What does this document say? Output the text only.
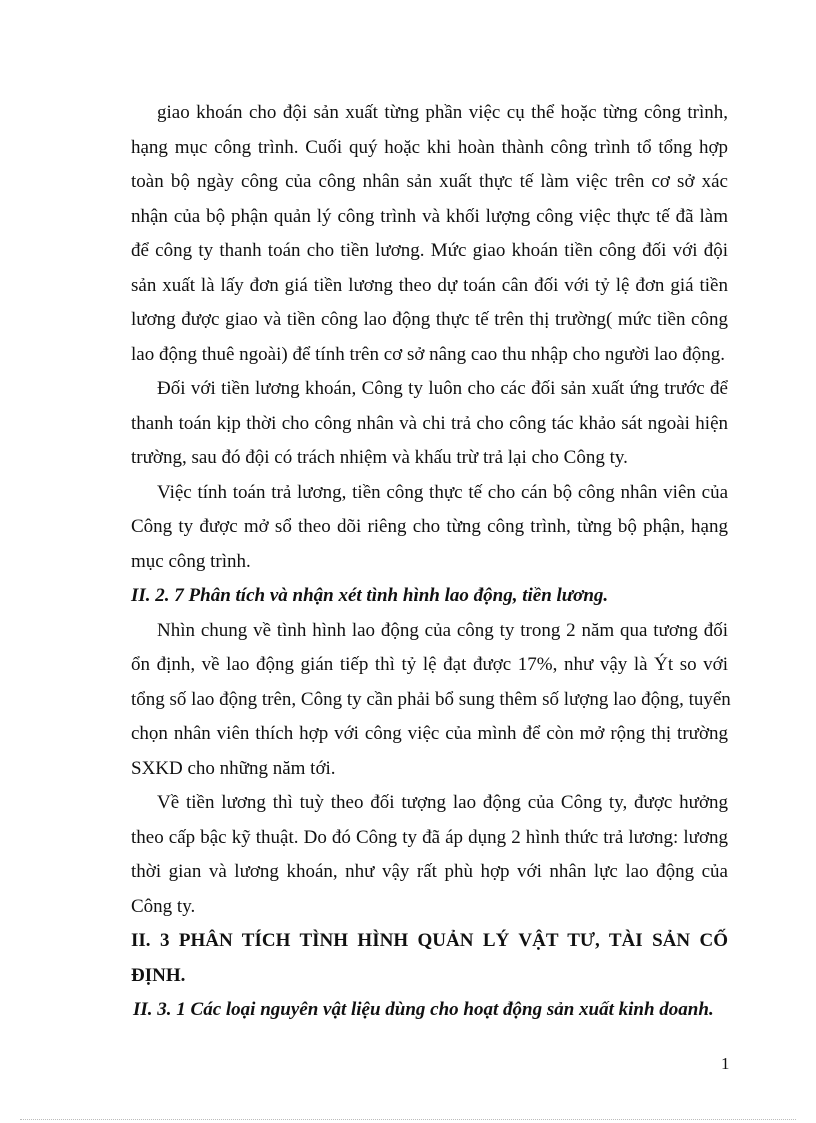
giao khoán cho đội sản xuất từng phần việc cụ thể hoặc từng công trình,
hạng mục công trình. Cuối quý hoặc khi hoàn thành công trình tổ tổng hợp
toàn bộ ngày công của công nhân sản xuất thực tế làm việc trên cơ sở xác
nhận của bộ phận quản lý công trình và khối lượng công việc thực tế đã làm
để công ty thanh toán cho tiền lương. Mức giao khoán tiền công đối với đội
sản xuất là lấy đơn giá tiền lương theo dự toán cân đối với tỷ lệ đơn giá tiền
lương được giao và tiền công lao động thực tế trên thị trường( mức tiền công
lao động thuê ngoài) để tính trên cơ sở nâng cao thu nhập cho người lao động.
Đối với tiền lương khoán, Công ty luôn cho các đối sản xuất ứng trước để
thanh toán kịp thời cho công nhân và chi trả cho công tác khảo sát ngoài hiện
trường, sau đó đội có trách nhiệm và khấu trừ trả lại cho Công ty.
Việc tính toán trả lương, tiền công thực tế cho cán bộ công nhân viên của
Công ty được mở sổ theo dõi riêng cho từng công trình, từng bộ phận, hạng
mục công trình.
II. 2. 7 Phân tích và nhận xét tình hình lao động, tiền lương.
Nhìn chung về tình hình lao động của công ty trong 2 năm qua tương đối
ổn định, về lao động gián tiếp thì tỷ lệ đạt được 17%, như vậy là Ýt so với
tổng số lao động trên, Công ty cần phải bổ sung thêm số lượng lao động, tuyển
chọn nhân viên thích hợp với công việc của mình để còn mở rộng thị trường
SXKD cho những năm tới.
Về tiền lương thì tuỳ theo đối tượng lao động của Công ty, được hưởng
theo cấp bậc kỹ thuật. Do đó Công ty đã áp dụng 2 hình thức trả lương: lương
thời gian và lương khoán, như vậy rất phù hợp với nhân lực lao động của
Công ty.
II. 3 PHÂN TÍCH TÌNH HÌNH QUẢN LÝ VẬT TƯ, TÀI SẢN CỐ
ĐỊNH.
II. 3. 1 Các loại nguyên vật liệu dùng cho hoạt động sản xuất kinh doanh.
1
